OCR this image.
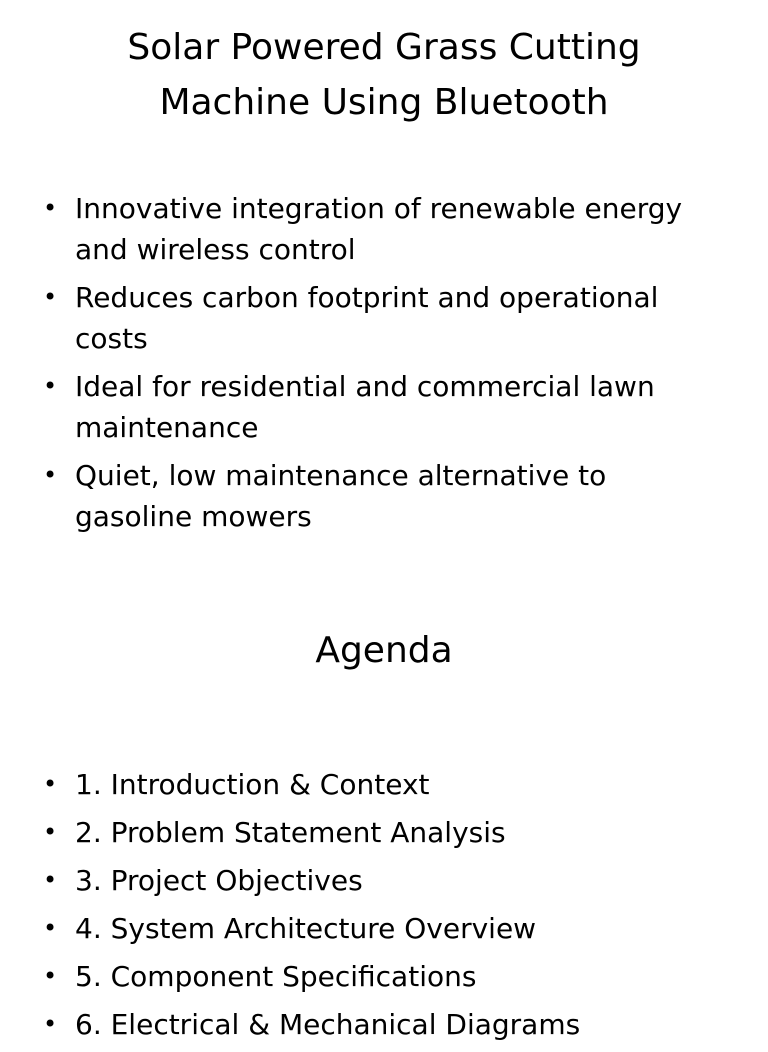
Solar Powered Grass Cutting
Machine Using Bluetooth
• Innovative integration of renewable energy and wireless control
• Reduces carbon footprint and operational costs
• Ideal for residential and commercial lawn maintenance
• Quiet, low maintenance alternative to gasoline mowers
Agenda
• 1. Introduction & Context
• 2. Problem Statement Analysis
• 3. Project Objectives
• 4. System Architecture Overview
• 5. Component Specifications
• 6. Electrical & Mechanical Diagrams
